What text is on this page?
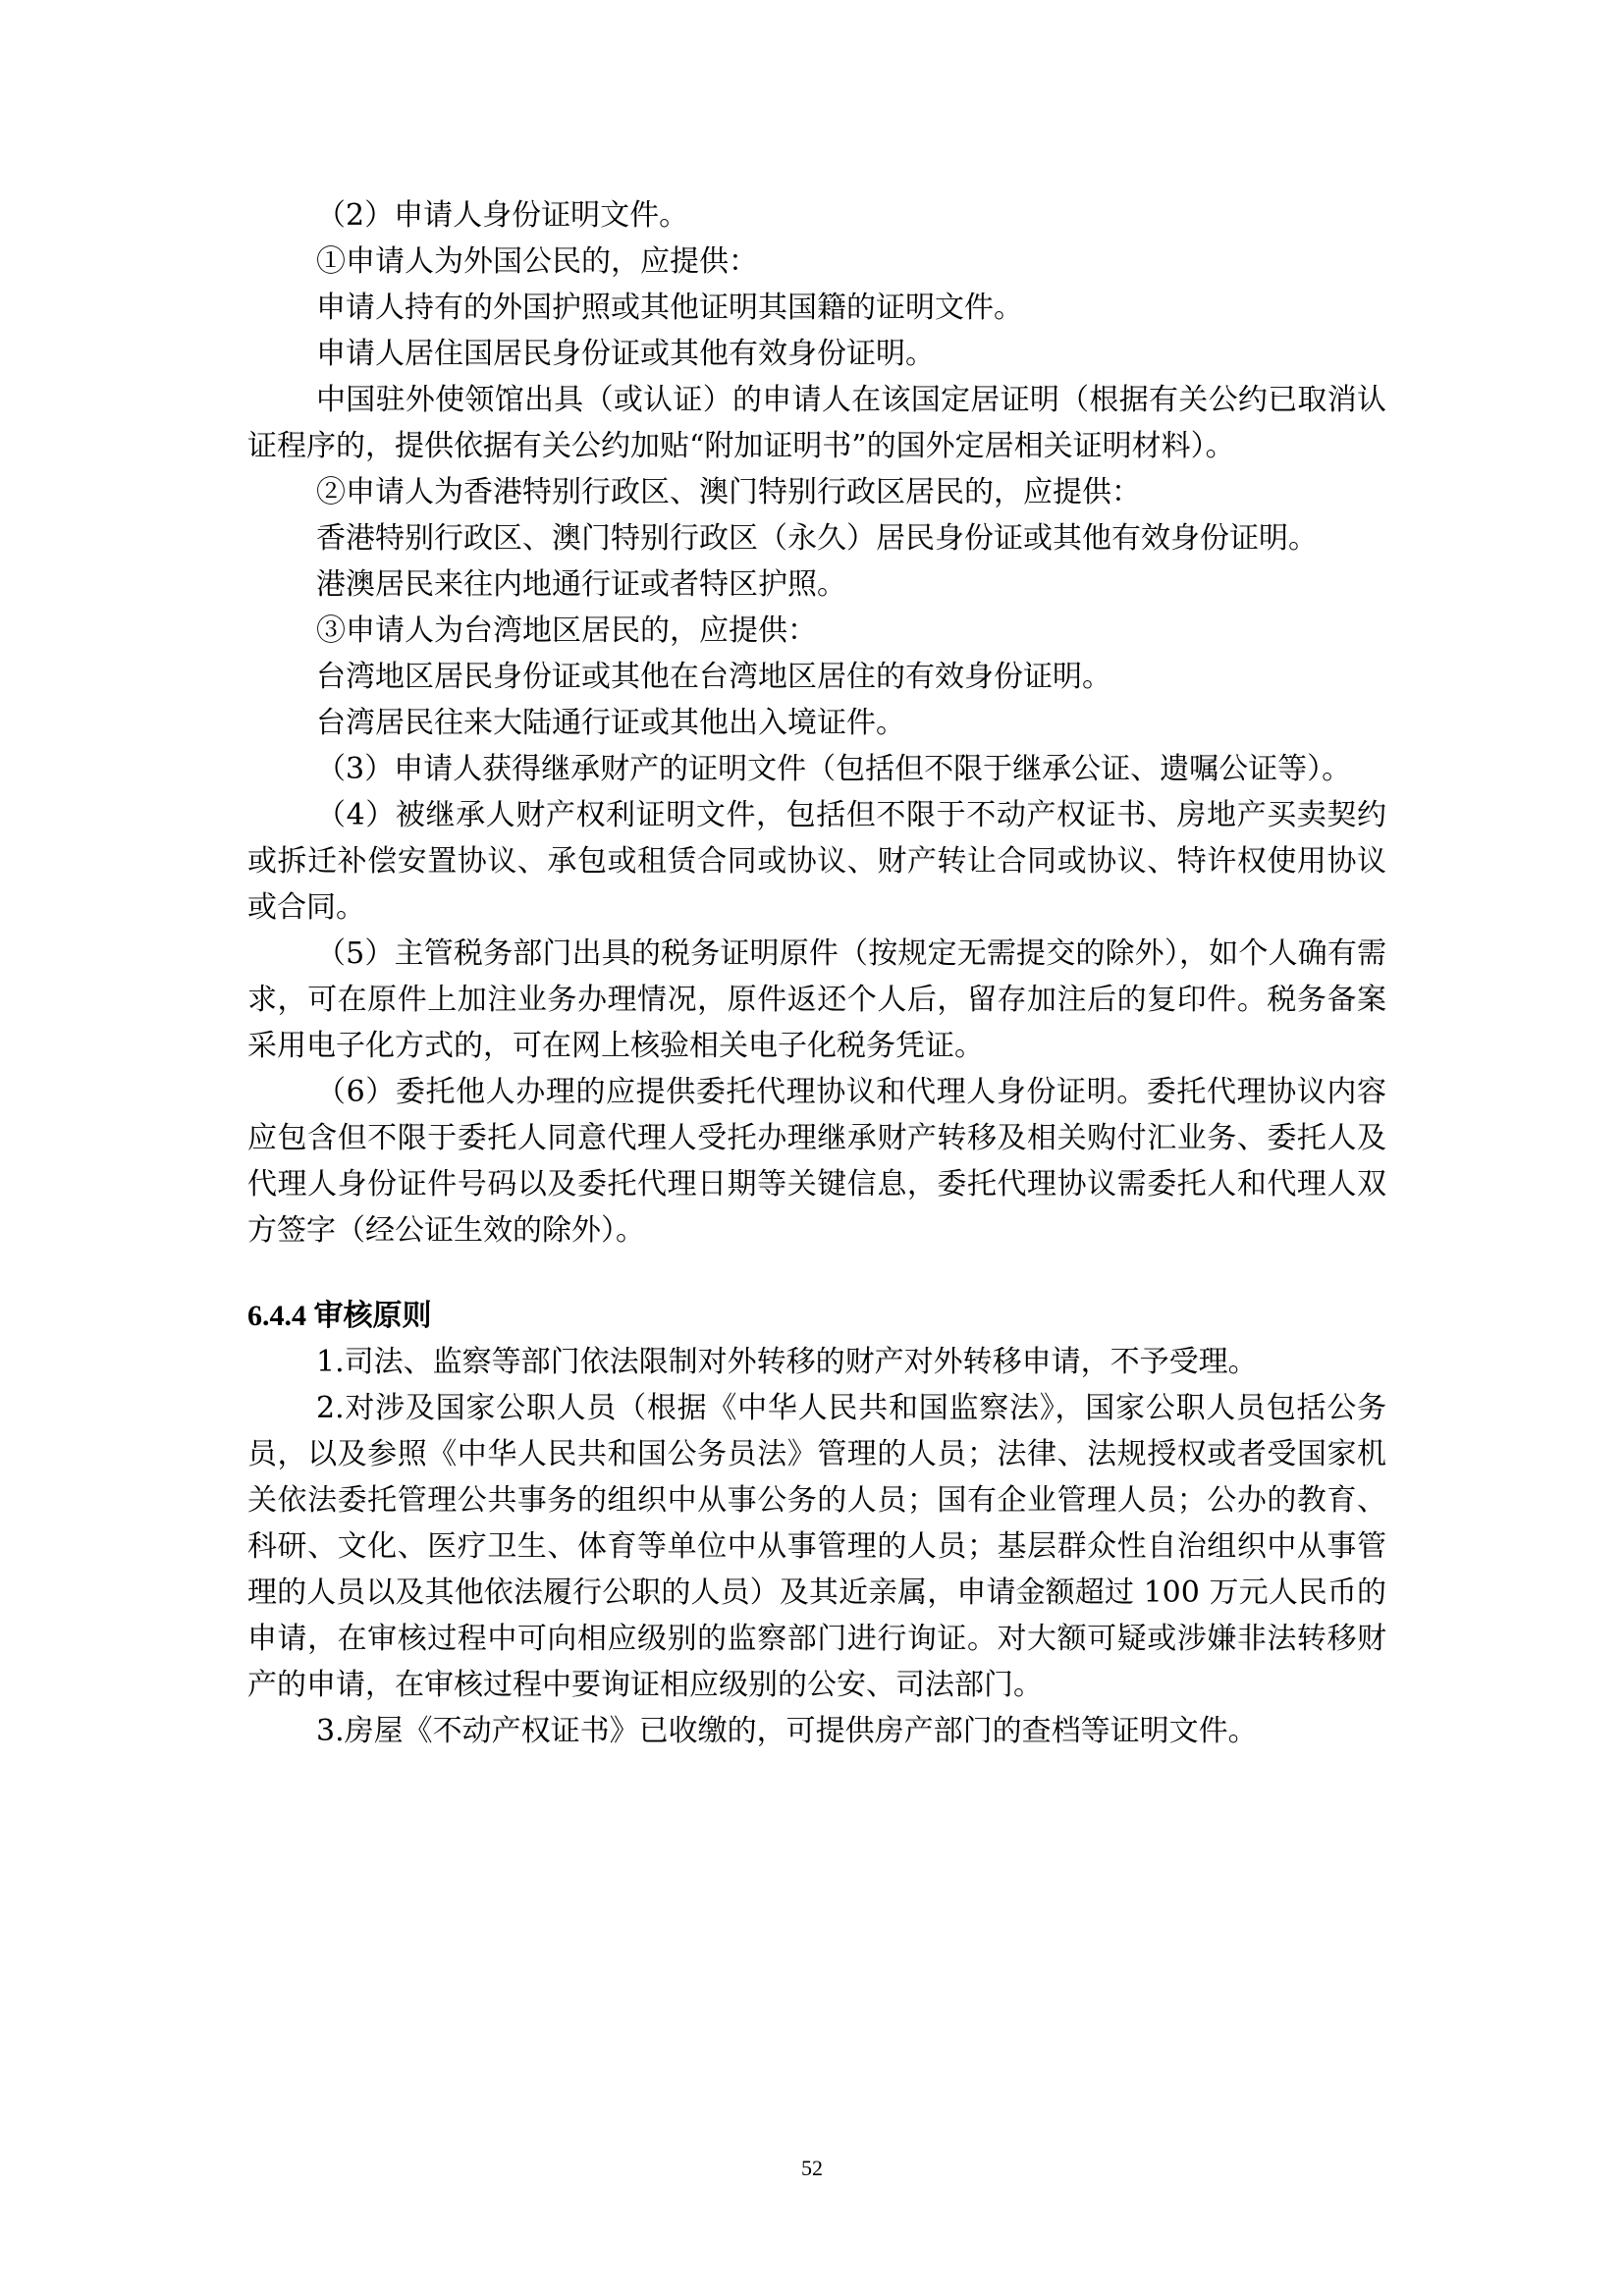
（2）申请人身份证明文件。

①申请人为外国公民的，应提供：

申请人持有的外国护照或其他证明其国籍的证明文件。

申请人居住国居民身份证或其他有效身份证明。

中国驻外使领馆出具（或认证）的申请人在该国定居证明（根据有关公约已取消认证程序的，提供依据有关公约加贴“附加证明书”的国外定居相关证明材料）。

②申请人为香港特别行政区、澳门特别行政区居民的，应提供：

香港特别行政区、澳门特别行政区（永久）居民身份证或其他有效身份证明。

港澳居民来往内地通行证或者特区护照。

③申请人为台湾地区居民的，应提供：

台湾地区居民身份证或其他在台湾地区居住的有效身份证明。

台湾居民往来大陆通行证或其他出入境证件。

（3）申请人获得继承财产的证明文件（包括但不限于继承公证、遗嘱公证等）。

（4）被继承人财产权利证明文件，包括但不限于不动产权证书、房地产买卖契约或拆迁补偿安置协议、承包或租赁合同或协议、财产转让合同或协议、特许权使用协议或合同。

（5）主管税务部门出具的税务证明原件（按规定无需提交的除外），如个人确有需求，可在原件上加注业务办理情况，原件返还个人后，留存加注后的复印件。税务备案采用电子化方式的，可在网上核验相关电子化税务凭证。

（6）委托他人办理的应提供委托代理协议和代理人身份证明。委托代理协议内容应包含但不限于委托人同意代理人受托办理继承财产转移及相关购付汇业务、委托人及代理人身份证件号码以及委托代理日期等关键信息，委托代理协议需委托人和代理人双方签字（经公证生效的除外）。

6.4.4 审核原则

1.司法、监察等部门依法限制对外转移的财产对外转移申请，不予受理。

2.对涉及国家公职人员（根据《中华人民共和国监察法》，国家公职人员包括公务员，以及参照《中华人民共和国公务员法》管理的人员；法律、法规授权或者受国家机关依法委托管理公共事务的组织中从事公务的人员；国有企业管理人员；公办的教育、科研、文化、医疗卫生、体育等单位中从事管理的人员；基层群众性自治组织中从事管理的人员以及其他依法履行公职的人员）及其近亲属，申请金额超过 100 万元人民币的申请，在审核过程中可向相应级别的监察部门进行询证。对大额可疑或涉嫌非法转移财产的申请，在审核过程中要询证相应级别的公安、司法部门。

3.房屋《不动产权证书》已收缴的，可提供房产部门的查档等证明文件。

52
